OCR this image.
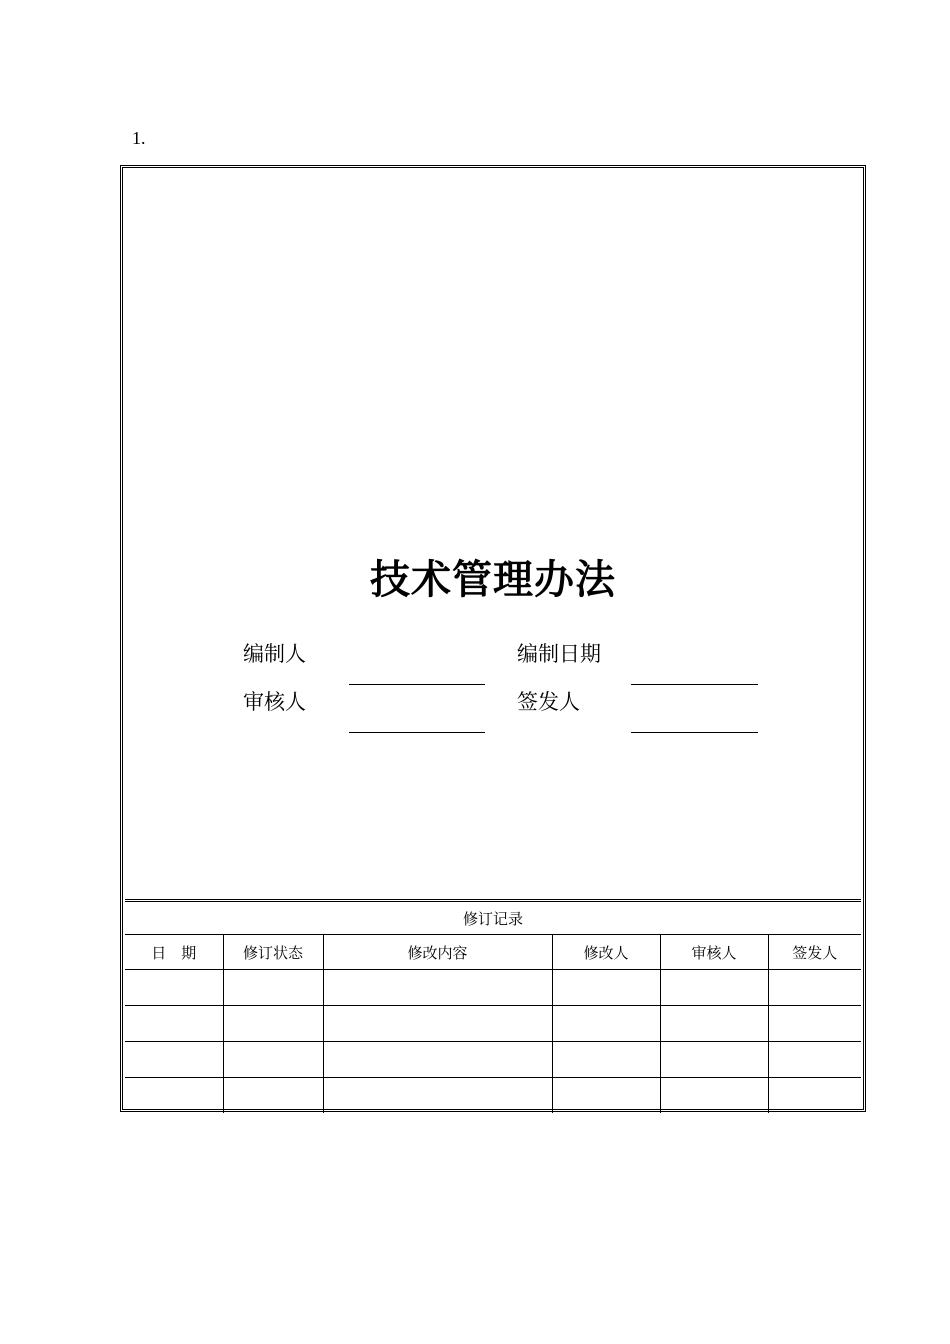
1.
技术管理办法
编制人	编制日期
审核人	签发人
修订记录					
日　期	修订状态	修改内容	修改人	审核人	签发人
